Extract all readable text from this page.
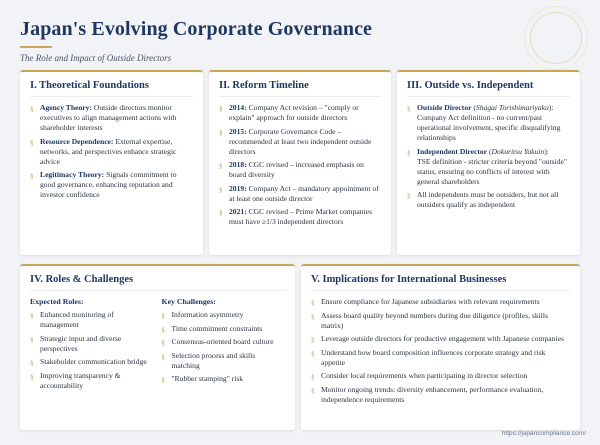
Japan's Evolving Corporate Governance
The Role and Impact of Outside Directors
I. Theoretical Foundations
§ Agency Theory: Outside directors monitor executives to align management actions with shareholder interests
§ Resource Dependence: External expertise, networks, and perspectives enhance strategic advice
§ Legitimacy Theory: Signals commitment to good governance, enhancing reputation and investor confidence
II. Reform Timeline
§ 2014: Company Act revision – "comply or explain" approach for outside directors
§ 2015: Corporate Governance Code – recommended at least two independent outside directors
§ 2018: CGC revised – increased emphasis on board diversity
§ 2019: Company Act – mandatory appointment of at least one outside director
§ 2021: CGC revised – Prime Market companies must have ≥1/3 independent directors
III. Outside vs. Independent
§ Outside Director (Shagai Torishimariyaku):
Company Act definition - no current/past operational involvement, specific disqualifying relationships
§ Independent Director (Dokuritsu Yakuin):
TSE definition - stricter criteria beyond "outside" status, ensuring no conflicts of interest with general shareholders
§ All independents must be outsiders, but not all outsiders qualify as independent
IV. Roles & Challenges
Expected Roles:
§ Enhanced monitoring of management
§ Strategic input and diverse perspectives
§ Stakeholder communication bridge
§ Improving transparency & accountability
Key Challenges:
§ Information asymmetry
§ Time commitment constraints
§ Consensus-oriented board culture
§ Selection process and skills matching
§ "Rubber stamping" risk
V. Implications for International Businesses
§ Ensure compliance for Japanese subsidiaries with relevant requirements
§ Assess board quality beyond numbers during due diligence (profiles, skills matrix)
§ Leverage outside directors for productive engagement with Japanese companies
§ Understand how board composition influences corporate strategy and risk appetite
§ Consider local requirements when participating in director selection
§ Monitor ongoing trends: diversity enhancement, performance evaluation, independence requirements
https://japancompliance.com/
